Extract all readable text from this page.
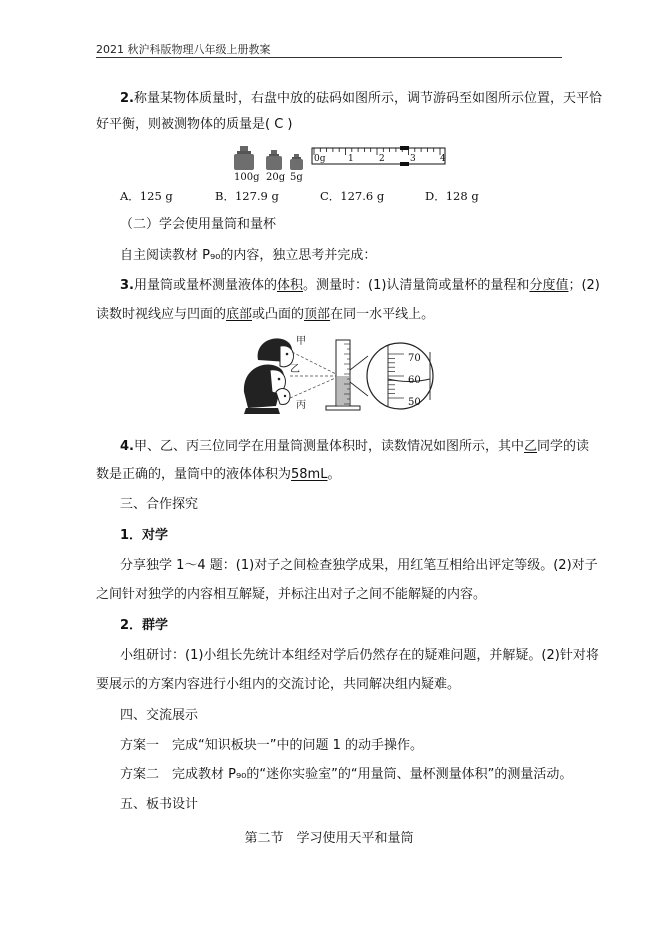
2021 秋沪科版物理八年级上册教案
2.称量某物体质量时，右盘中放的砝码如图所示，调节游码至如图所示位置，天平恰
好平衡，则被测物体的质量是( C )
100g 20g 5g
0g	1	2	3	4
A．125 g	B．127.9 g	C．127.6 g	D．128 g
（二）学会使用量筒和量杯
自主阅读教材 P₉₀的内容，独立思考并完成：
3.用量筒或量杯测量液体的体积。测量时：(1)认清量筒或量杯的量程和分度值；(2)
读数时视线应与凹面的底部或凸面的顶部在同一水平线上。
甲
乙
丙
70
60
50
4.甲、乙、丙三位同学在用量筒测量体积时，读数情况如图所示，其中乙同学的读
数是正确的，量筒中的液体体积为58mL。
三、合作探究
1．对学
分享独学 1～4 题：(1)对子之间检查独学成果，用红笔互相给出评定等级。(2)对子
之间针对独学的内容相互解疑，并标注出对子之间不能解疑的内容。
2．群学
小组研讨：(1)小组长先统计本组经对学后仍然存在的疑难问题，并解疑。(2)针对将
要展示的方案内容进行小组内的交流讨论，共同解决组内疑难。
四、交流展示
方案一　完成“知识板块一”中的问题 1 的动手操作。
方案二　完成教材 P₉₀的“迷你实验室”的“用量筒、量杯测量体积”的测量活动。
五、板书设计
第二节　学习使用天平和量筒
